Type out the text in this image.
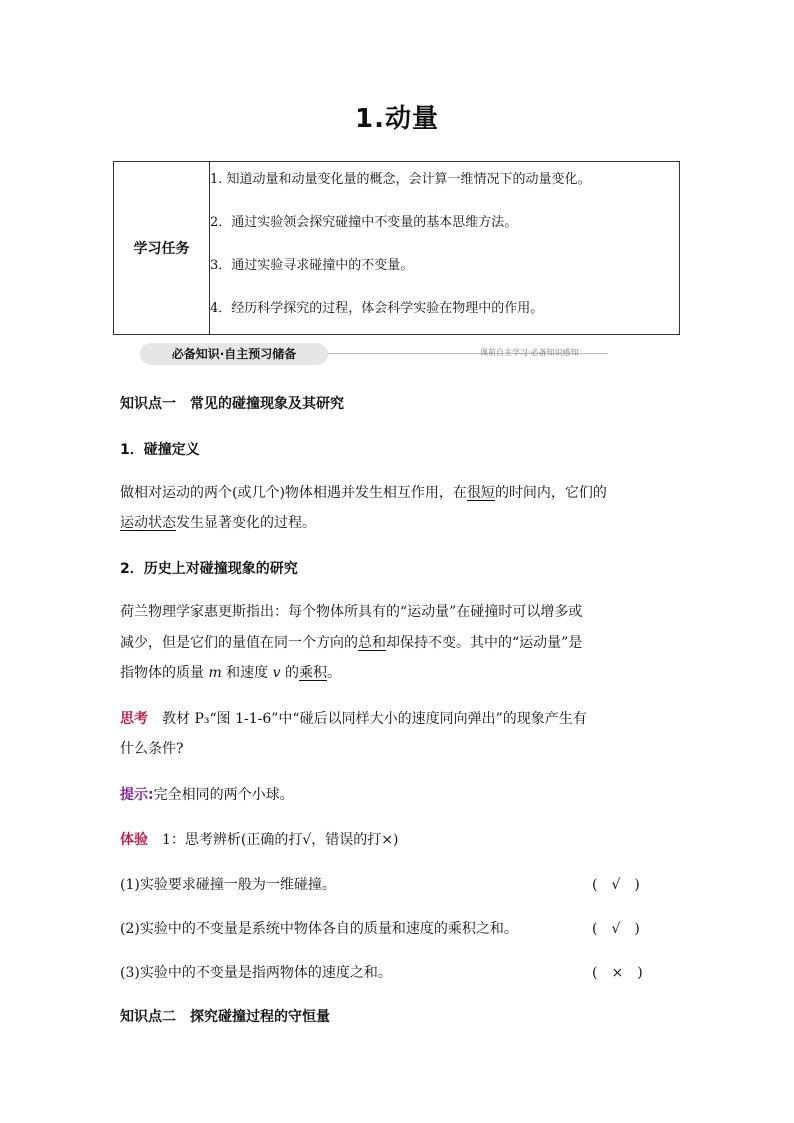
1.动量
学习任务	
1. 知道动量和动量变化量的概念，会计算一维情况下的动量变化。
2．通过实验领会探究碰撞中不变量的基本思维方法。
3．通过实验寻求碰撞中的不变量。
4．经历科学探究的过程，体会科学实验在物理中的作用。
必备知识·自主预习储备	课前自主学习·必备知识感知
知识点一　常见的碰撞现象及其研究
1．碰撞定义
做相对运动的两个(或几个)物体相遇并发生相互作用，在很短的时间内，它们的
运动状态发生显著变化的过程。
2．历史上对碰撞现象的研究
荷兰物理学家惠更斯指出：每个物体所具有的“运动量”在碰撞时可以增多或
减少，但是它们的量值在同一个方向的总和却保持不变。其中的“运动量”是
指物体的质量 m 和速度 v 的乘积。
思考　 教材 P₃“图 1-1-6”中“碰后以同样大小的速度同向弹出”的现象产生有
什么条件?
提示:完全相同的两个小球。
体验　 1：思考辨析(正确的打√，错误的打×)
(1)实验要求碰撞一般为一维碰撞。	(　√　)
(2)实验中的不变量是系统中物体各自的质量和速度的乘积之和。	(　√　)
(3)实验中的不变量是指两物体的速度之和。	(　×　)
知识点二　探究碰撞过程的守恒量
